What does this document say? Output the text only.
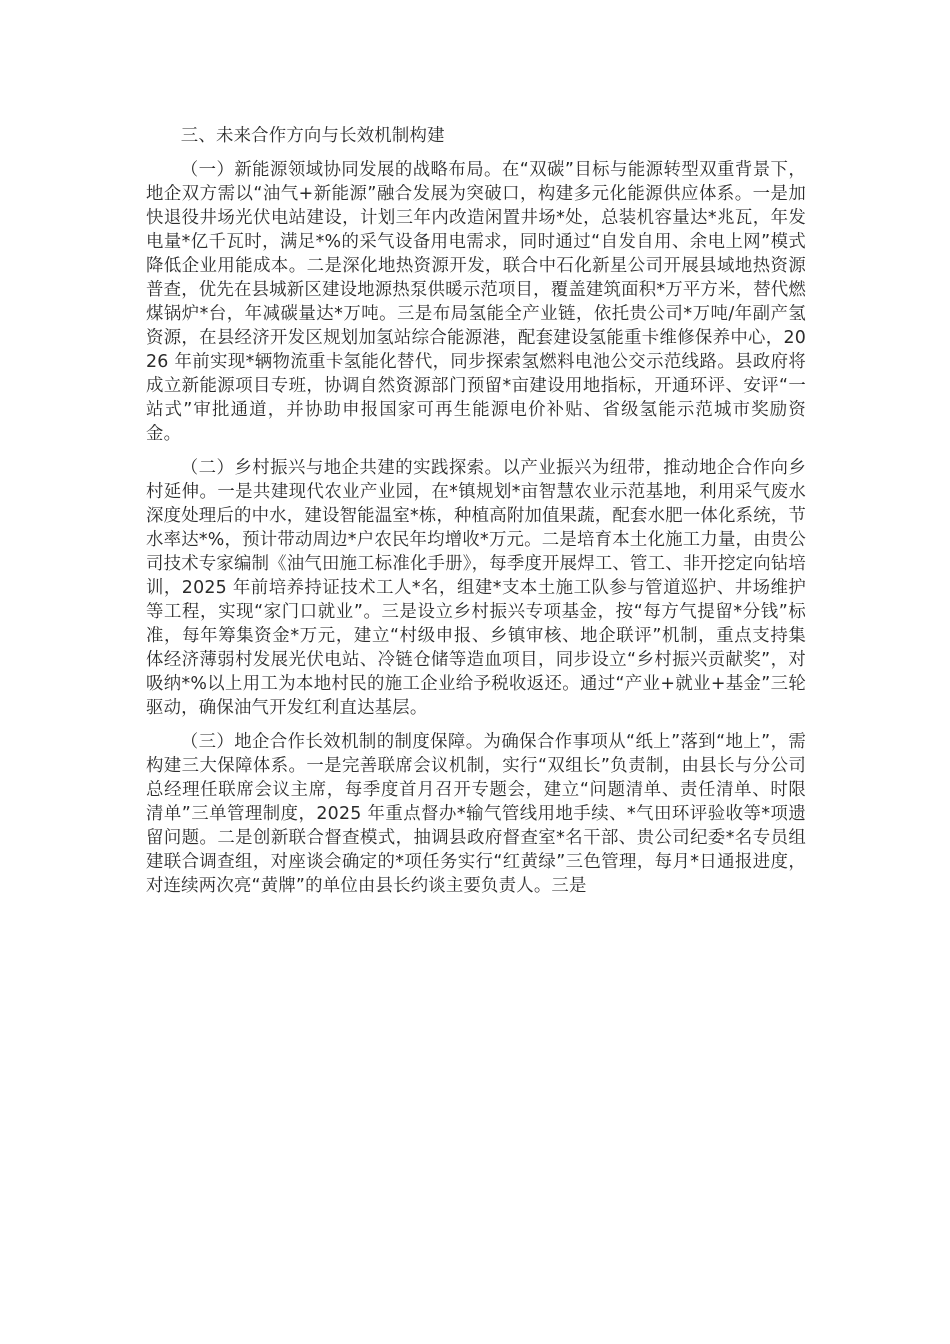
三、未来合作方向与长效机制构建

（一）新能源领域协同发展的战略布局。在“双碳”目标与能源转型双重背景下，地企双方需以“油气+新能源”融合发展为突破口，构建多元化能源供应体系。一是加快退役井场光伏电站建设，计划三年内改造闲置井场*处，总装机容量达*兆瓦，年发电量*亿千瓦时，满足*%的采气设备用电需求，同时通过“自发自用、余电上网”模式降低企业用能成本。二是深化地热资源开发，联合中石化新星公司开展县域地热资源普查，优先在县城新区建设地源热泵供暖示范项目，覆盖建筑面积*万平方米，替代燃煤锅炉*台，年减碳量达*万吨。三是布局氢能全产业链，依托贵公司*万吨/年副产氢资源，在县经济开发区规划加氢站综合能源港，配套建设氢能重卡维修保养中心，2026 年前实现*辆物流重卡氢能化替代，同步探索氢燃料电池公交示范线路。县政府将成立新能源项目专班，协调自然资源部门预留*亩建设用地指标，开通环评、安评“一站式”审批通道，并协助申报国家可再生能源电价补贴、省级氢能示范城市奖励资金。

（二）乡村振兴与地企共建的实践探索。以产业振兴为纽带，推动地企合作向乡村延伸。一是共建现代农业产业园，在*镇规划*亩智慧农业示范基地，利用采气废水深度处理后的中水，建设智能温室*栋，种植高附加值果蔬，配套水肥一体化系统，节水率达*%，预计带动周边*户农民年均增收*万元。二是培育本土化施工力量，由贵公司技术专家编制《油气田施工标准化手册》，每季度开展焊工、管工、非开挖定向钻培训，2025 年前培养持证技术工人*名，组建*支本土施工队参与管道巡护、井场维护等工程，实现“家门口就业”。三是设立乡村振兴专项基金，按“每方气提留*分钱”标准，每年筹集资金*万元，建立“村级申报、乡镇审核、地企联评”机制，重点支持集体经济薄弱村发展光伏电站、冷链仓储等造血项目，同步设立“乡村振兴贡献奖”，对吸纳*%以上用工为本地村民的施工企业给予税收返还。通过“产业+就业+基金”三轮驱动，确保油气开发红利直达基层。

（三）地企合作长效机制的制度保障。为确保合作事项从“纸上”落到“地上”，需构建三大保障体系。一是完善联席会议机制，实行“双组长”负责制，由县长与分公司总经理任联席会议主席，每季度首月召开专题会，建立“问题清单、责任清单、时限清单”三单管理制度，2025 年重点督办*输气管线用地手续、*气田环评验收等*项遗留问题。二是创新联合督查模式，抽调县政府督查室*名干部、贵公司纪委*名专员组建联合调查组，对座谈会确定的*项任务实行“红黄绿”三色管理，每月*日通报进度，对连续两次亮“黄牌”的单位由县长约谈主要负责人。三是
